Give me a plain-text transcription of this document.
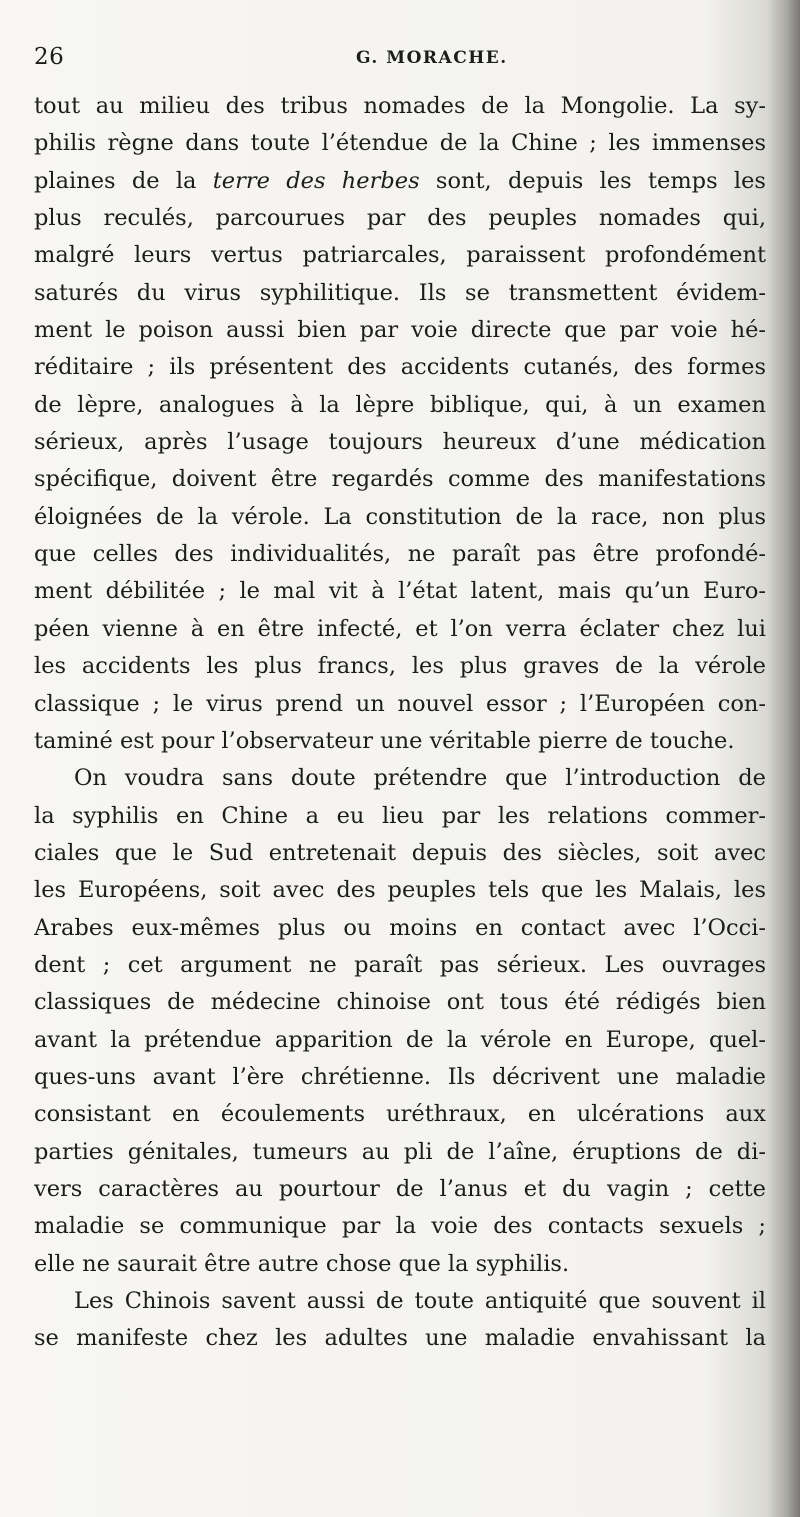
26	G. MORACHE.
tout au milieu des tribus nomades de la Mongolie. La sy-
philis règne dans toute l’étendue de la Chine ; les immenses
plaines de la terre des herbes sont, depuis les temps les
plus reculés, parcourues par des peuples nomades qui,
malgré leurs vertus patriarcales, paraissent profondément
saturés du virus syphilitique. Ils se transmettent évidem-
ment le poison aussi bien par voie directe que par voie hé-
réditaire ; ils présentent des accidents cutanés, des formes
de lèpre, analogues à la lèpre biblique, qui, à un examen
sérieux, après l’usage toujours heureux d’une médication
spécifique, doivent être regardés comme des manifestations
éloignées de la vérole. La constitution de la race, non plus
que celles des individualités, ne paraît pas être profondé-
ment débilitée ; le mal vit à l’état latent, mais qu’un Euro-
péen vienne à en être infecté, et l’on verra éclater chez lui
les accidents les plus francs, les plus graves de la vérole
classique ; le virus prend un nouvel essor ; l’Européen con-
taminé est pour l’observateur une véritable pierre de touche.
On voudra sans doute prétendre que l’introduction de
la syphilis en Chine a eu lieu par les relations commer-
ciales que le Sud entretenait depuis des siècles, soit avec
les Européens, soit avec des peuples tels que les Malais, les
Arabes eux-mêmes plus ou moins en contact avec l’Occi-
dent ; cet argument ne paraît pas sérieux. Les ouvrages
classiques de médecine chinoise ont tous été rédigés bien
avant la prétendue apparition de la vérole en Europe, quel-
ques-uns avant l’ère chrétienne. Ils décrivent une maladie
consistant en écoulements uréthraux, en ulcérations aux
parties génitales, tumeurs au pli de l’aîne, éruptions de di-
vers caractères au pourtour de l’anus et du vagin ; cette
maladie se communique par la voie des contacts sexuels ;
elle ne saurait être autre chose que la syphilis.
Les Chinois savent aussi de toute antiquité que souvent il
se manifeste chez les adultes une maladie envahissant la
